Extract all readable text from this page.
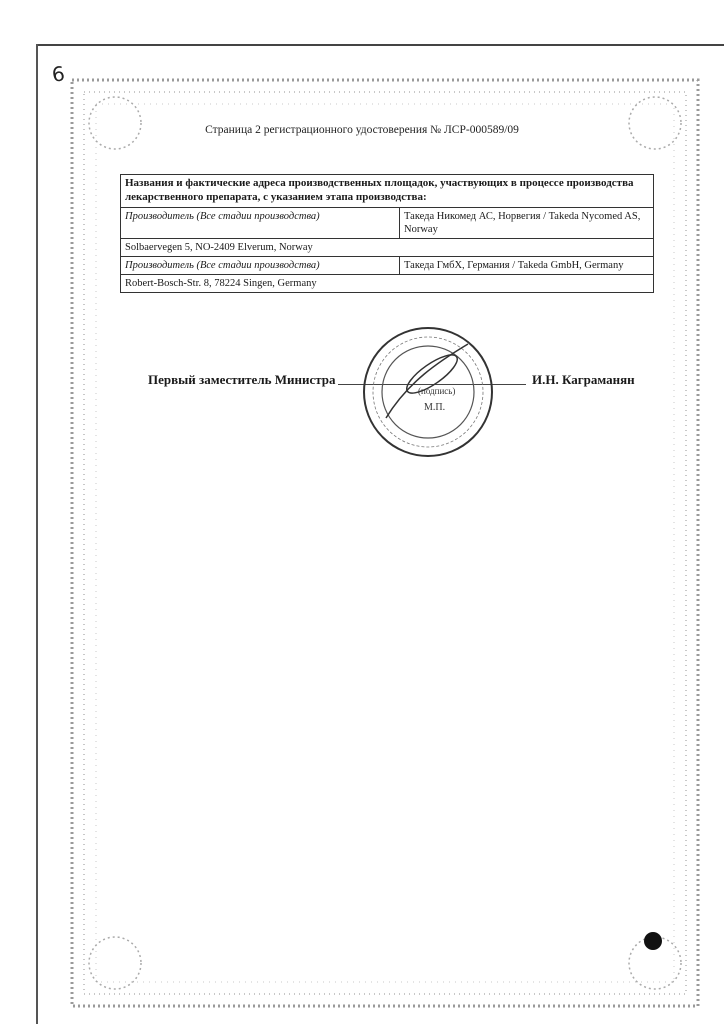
6
Страница 2 регистрационного удостоверения № ЛСР-000589/09
Названия и фактические адреса производственных площадок, участвующих в процессе производства лекарственного препарата, с указанием этапа производства:	
Производитель (Все стадии производства)	Такеда Никомед АС, Норвегия / Takeda Nycomed AS, Norway
Solbaervegen 5, NO-2409 Elverum, Norway	
Производитель (Все стадии производства)	Такеда ГмбХ, Германия / Takeda GmbH, Germany
Robert-Bosch-Str. 8, 78224 Singen, Germany	
Первый заместитель Министра	И.Н. Каграманян
(подпись)
М.П.
